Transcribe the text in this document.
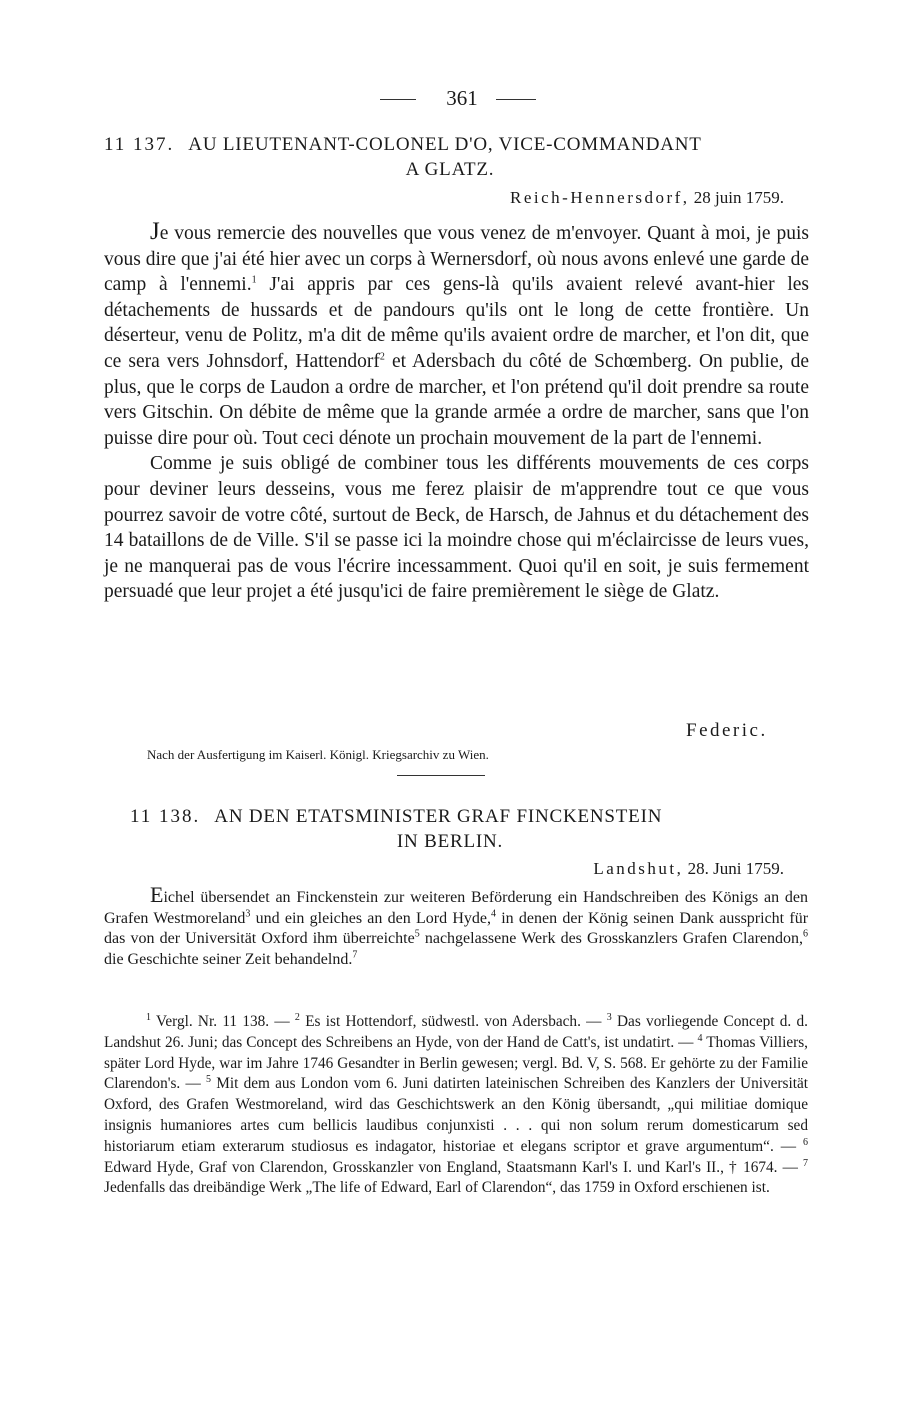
361
11 137. AU LIEUTENANT-COLONEL D'O, VICE-COMMANDANT
A GLATZ.
Reich-Hennersdorf, 28 juin 1759.

Je vous remercie des nouvelles que vous venez de m'envoyer. Quant à moi, je puis vous dire que j'ai été hier avec un corps à Wernersdorf, où nous avons enlevé une garde de camp à l'ennemi.$^1$ J'ai appris par ces gens-là qu'ils avaient relevé avant-hier les détachements de hussards et de pandours qu'ils ont le long de cette frontière. Un déserteur, venu de Politz, m'a dit de même qu'ils avaient ordre de marcher, et l'on dit, que ce sera vers Johnsdorf, Hattendorf$^2$ et Adersbach du côté de Schœmberg. On publie, de plus, que le corps de Laudon a ordre de marcher, et l'on prétend qu'il doit prendre sa route vers Gitschin. On débite de même que la grande armée a ordre de marcher, sans que l'on puisse dire pour où. Tout ceci dénote un prochain mouvement de la part de l'ennemi.

Comme je suis obligé de combiner tous les différents mouvements de ces corps pour deviner leurs desseins, vous me ferez plaisir de m'apprendre tout ce que vous pourrez savoir de votre côté, surtout de Beck, de Harsch, de Jahnus et du détachement des 14 bataillons de de Ville. S'il se passe ici la moindre chose qui m'éclaircisse de leurs vues, je ne manquerai pas de vous l'écrire incessamment. Quoi qu'il en soit, je suis fermement persuadé que leur projet a été jusqu'ici de faire premièrement le siège de Glatz.

Federic.
Nach der Ausfertigung im Kaiserl. Königl. Kriegsarchiv zu Wien.
11 138. AN DEN ETATSMINISTER GRAF FINCKENSTEIN
IN BERLIN.
Landshut, 28. Juni 1759.

Eichel übersendet an Finckenstein zur weiteren Beförderung ein Handschreiben des Königs an den Grafen Westmoreland$^3$ und ein gleiches an den Lord Hyde,$^4$ in denen der König seinen Dank ausspricht für das von der Universität Oxford ihm überreichte$^5$ nachgelassene Werk des Grosskanzlers Grafen Clarendon,$^6$ die Geschichte seiner Zeit behandelnd.$^7$

$^1$ Vergl. Nr. 11 138. — $^2$ Es ist Hottendorf, südwestl. von Adersbach. — $^3$ Das vorliegende Concept d. d. Landshut 26. Juni; das Concept des Schreibens an Hyde, von der Hand de Catt's, ist undatirt. — $^4$ Thomas Villiers, später Lord Hyde, war im Jahre 1746 Gesandter in Berlin gewesen; vergl. Bd. V, S. 568. Er gehörte zu der Familie Clarendon's. — $^5$ Mit dem aus London vom 6. Juni datirten lateinischen Schreiben des Kanzlers der Universität Oxford, des Grafen Westmoreland, wird das Geschichtswerk an den König übersandt, „qui militiae domique insignis humaniores artes cum bellicis laudibus conjunxisti . . . qui non solum rerum domesticarum sed historiarum etiam exterarum studiosus es indagator, historiae et elegans scriptor et grave argumentum“. — $^6$ Edward Hyde, Graf von Clarendon, Grosskanzler von England, Staatsmann Karl's I. und Karl's II., † 1674. — $^7$ Jedenfalls das dreibändige Werk „The life of Edward, Earl of Clarendon“, das 1759 in Oxford erschienen ist.
